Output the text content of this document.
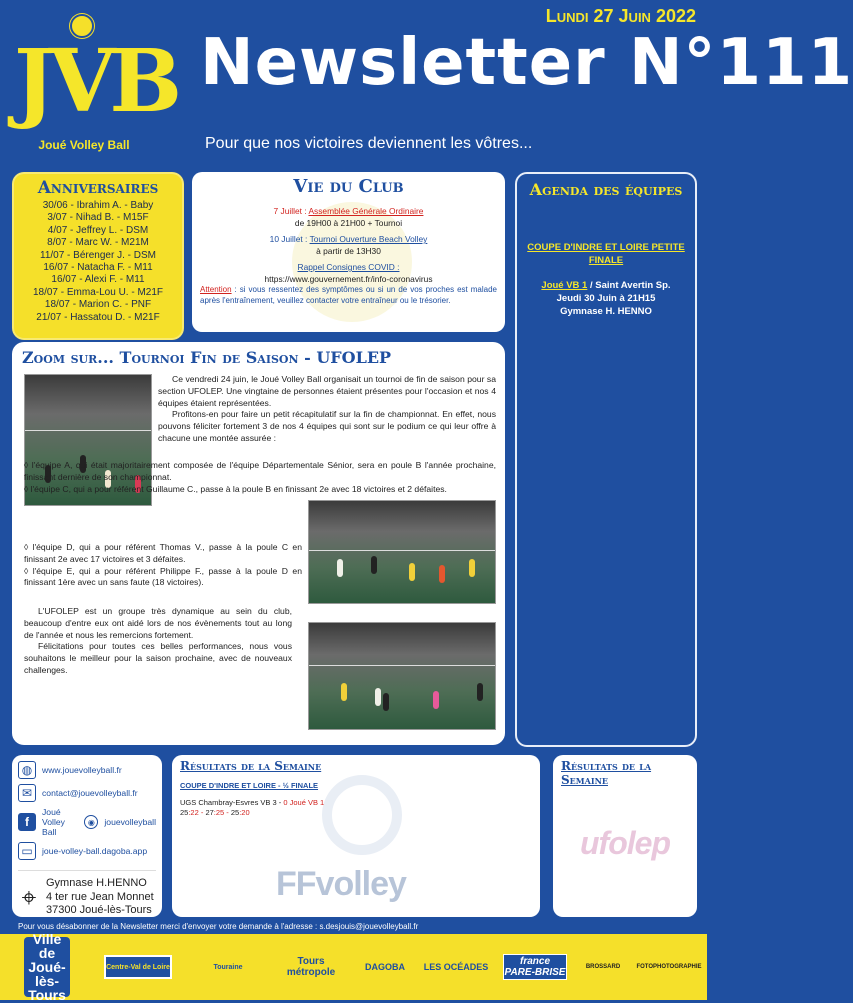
JVB
Joué Volley Ball
Lundi 27 Juin 2022
Newsletter N°111
Pour que nos victoires deviennent les vôtres...
Anniversaires
30/06 - Ibrahim A. - Baby
3/07 - Nihad B. - M15F
4/07 - Jeffrey L. - DSM
8/07 - Marc W. - M21M
11/07 - Bérenger J. - DSM
16/07 - Natacha F. - M11
16/07 - Alexi F. - M11
18/07 - Emma-Lou U. - M21F
18/07 - Marion C. - PNF
21/07 - Hassatou D. - M21F
Vie du Club

7 Juillet : Assemblée Générale Ordinaire
de 19H00 à 21H00 + Tournoi

10 Juillet : Tournoi Ouverture Beach Volley
à partir de 13H30

Rappel Consignes COVID :
https://www.gouvernement.fr/info-coronavirus

Attention : si vous ressentez des symptômes ou si un de vos proches est malade après l'entraînement, veuillez contacter votre entraîneur ou le trésorier.

Agenda des équipes
COUPE D'INDRE ET LOIRE PETITE FINALE
Joué VB 1 / Saint Avertin Sp.
Jeudi 30 Juin à 21H15
Gymnase H. HENNO
Zoom sur... Tournoi Fin de Saison - UFOLEP
Ce vendredi 24 juin, le Joué Volley Ball organisait un tournoi de fin de saison pour sa section UFOLEP. Une vingtaine de personnes étaient présentes pour l'occasion et nos 4 équipes étaient représentées.
Profitons-en pour faire un petit récapitulatif sur la fin de championnat. En effet, nous pouvons féliciter fortement 3 de nos 4 équipes qui sont sur le podium ce qui leur offre à chacune une montée assurée :
◊ l'équipe A, qui était majoritairement composée de l'équipe Départementale Sénior, sera en poule B l'année prochaine, finissant dernière de son championnat.
◊ l'équipe C, qui a pour référent Guillaume C., passe à la poule B en finissant 2e avec 18 victoires et 2 défaites.
◊ l'équipe D, qui a pour référent Thomas V., passe à la poule C en finissant 2e avec 17 victoires et 3 défaites.
◊ l'équipe E, qui a pour référent Philippe F., passe à la poule D en finissant 1ère avec un sans faute (18 victoires).
L'UFOLEP est un groupe très dynamique au sein du club, beaucoup d'entre eux ont aidé lors de nos évènements tout au long de l'année et nous les remercions fortement.
Félicitations pour toutes ces belles performances, nous vous souhaitons le meilleur pour la saison prochaine, avec de nouveaux challenges.
◍	www.jouevolleyball.fr
✉	contact@jouevolleyball.fr
f
Joué Volley Ball
◉	jouevolleyball
▭	joue-volley-ball.dagoba.app
⌖ Gymnase H.HENNO
4 ter rue Jean Monnet
37300 Joué-lès-Tours
Résultats de la Semaine
COUPE D'INDRE ET LOIRE - ½ FINALE
UGS Chambray-Esvres VB 3 - 0 Joué VB 1
25:22 - 27:25 - 25:20
FFvolley
Résultats de la Semaine
ufolep
Pour vous désabonner de la Newsletter merci d'envoyer votre demande à l'adresse : s.desjouis@jouevolleyball.fr
Ville de Joué-lès-Tours
Centre-Val de Loire	Touraine	Tours métropole	DAGOBA	LES OCÉADES	france PARE-BRISE	BROSSARD	FOTOPHOTOGRAPHIE
